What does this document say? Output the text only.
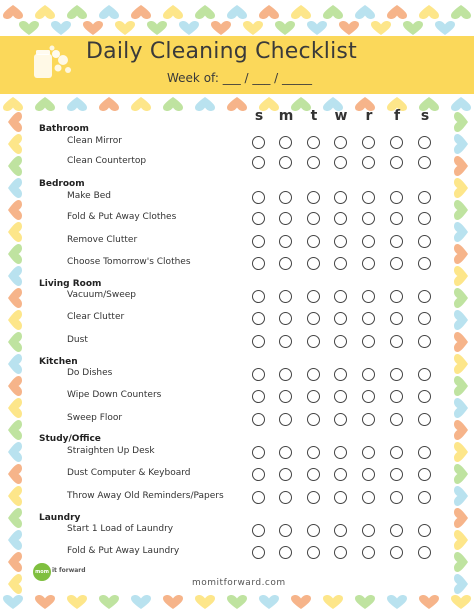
Daily Cleaning Checklist
Week of: ___ / ___ / _____
s	m	t	w	r	f	s
Bathroom
Clean Mirror
Clean Countertop
Bedroom
Make Bed
Fold & Put Away Clothes
Remove Clutter
Choose Tomorrow's Clothes
Living Room
Vacuum/Sweep
Clear Clutter
Dust
Kitchen
Do Dishes
Wipe Down Counters
Sweep Floor
Study/Office
Straighten Up Desk
Dust Computer & Keyboard
Throw Away Old Reminders/Papers
Laundry
Start 1 Load of Laundry
Fold & Put Away Laundry
mom it forward
momitforward.com
